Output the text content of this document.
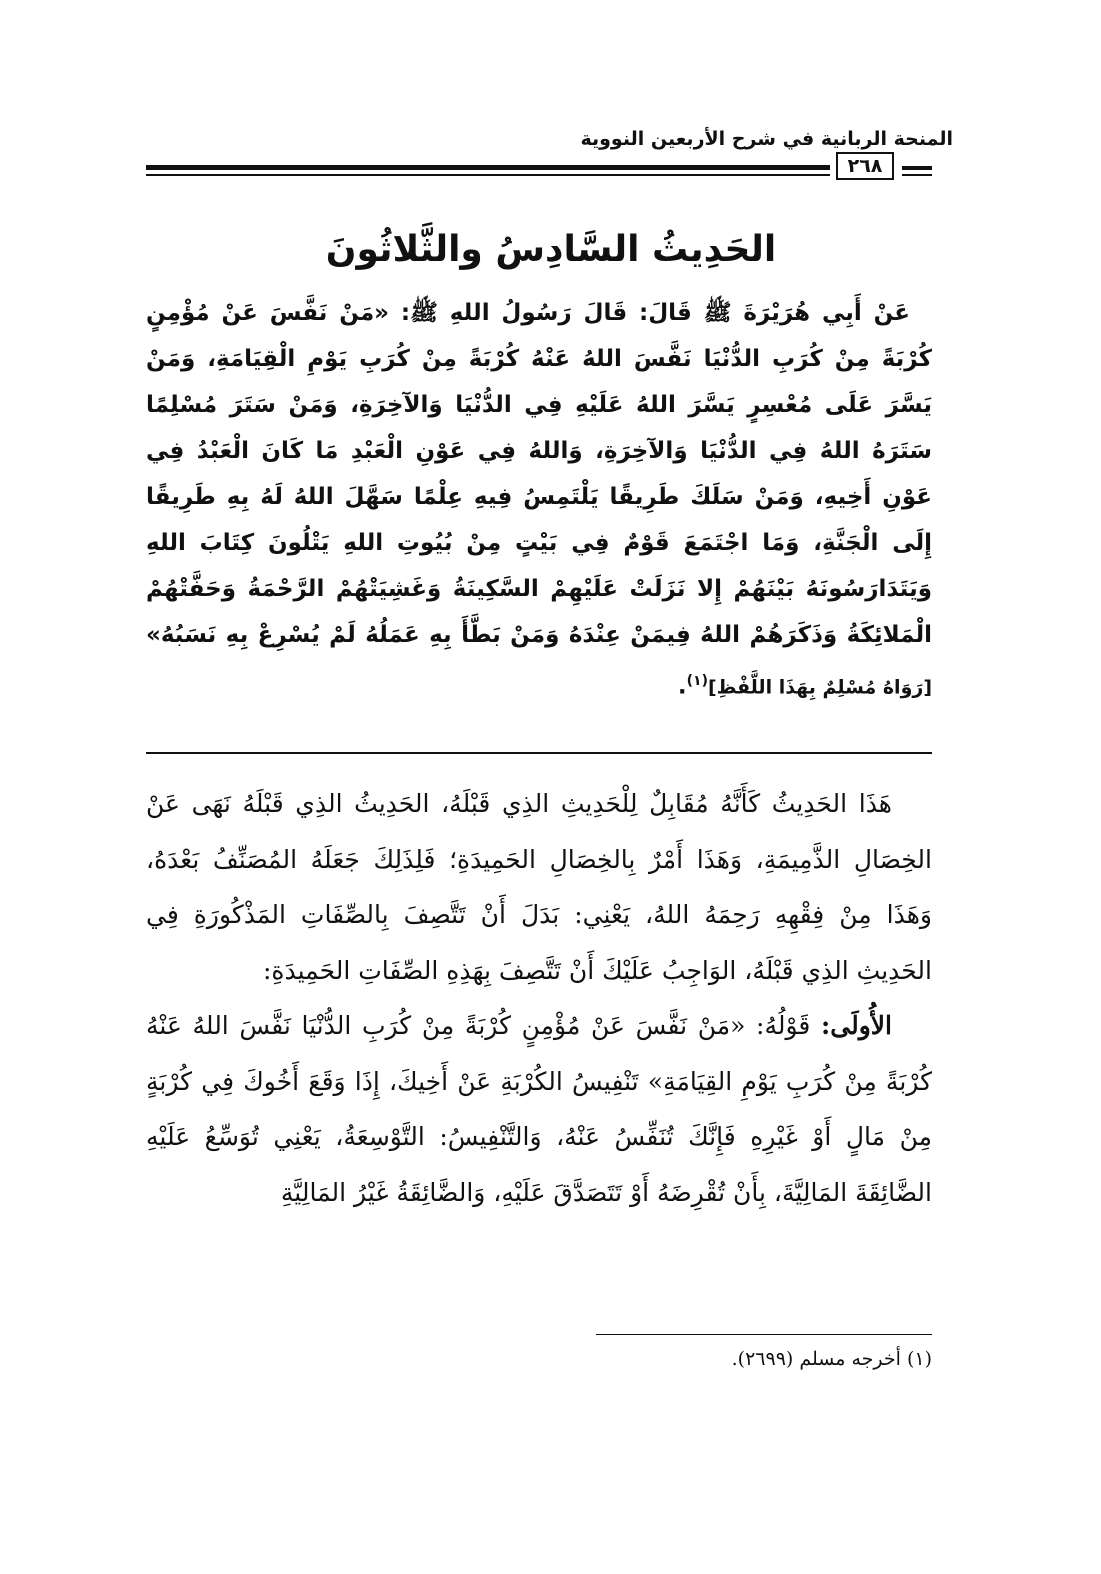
المنحة الربانية في شرح الأربعين النووية
٢٦٨
الحَدِيثُ السَّادِسُ والثَّلاثُونَ
عَنْ أَبِي هُرَيْرَةَ ﷺ قَالَ: قَالَ رَسُولُ اللهِ ﷺ: «مَنْ نَفَّسَ عَنْ مُؤْمِنٍ كُرْبَةً مِنْ كُرَبِ الدُّنْيَا نَفَّسَ اللهُ عَنْهُ كُرْبَةً مِنْ كُرَبِ يَوْمِ الْقِيَامَةِ، وَمَنْ يَسَّرَ عَلَى مُعْسِرٍ يَسَّرَ اللهُ عَلَيْهِ فِي الدُّنْيَا وَالآخِرَةِ، وَمَنْ سَتَرَ مُسْلِمًا سَتَرَهُ اللهُ فِي الدُّنْيَا وَالآخِرَةِ، وَاللهُ فِي عَوْنِ الْعَبْدِ مَا كَانَ الْعَبْدُ فِي عَوْنِ أَخِيهِ، وَمَنْ سَلَكَ طَرِيقًا يَلْتَمِسُ فِيهِ عِلْمًا سَهَّلَ اللهُ لَهُ بِهِ طَرِيقًا إِلَى الْجَنَّةِ، وَمَا اجْتَمَعَ قَوْمٌ فِي بَيْتٍ مِنْ بُيُوتِ اللهِ يَتْلُونَ كِتَابَ اللهِ وَيَتَدَارَسُونَهُ بَيْنَهُمْ إِلا نَزَلَتْ عَلَيْهِمْ السَّكِينَةُ وَغَشِيَتْهُمْ الرَّحْمَةُ وَحَفَّتْهُمْ الْمَلائِكَةُ وَذَكَرَهُمْ اللهُ فِيمَنْ عِنْدَهُ وَمَنْ بَطَّأَ بِهِ عَمَلُهُ لَمْ يُسْرِعْ بِهِ نَسَبُهُ» [رَوَاهُ مُسْلِمٌ بِهَذَا اللَّفْظِ]$^{(١)}$.

هَذَا الحَدِيثُ كَأَنَّهُ مُقَابِلٌ لِلْحَدِيثِ الذِي قَبْلَهُ، الحَدِيثُ الذِي قَبْلَهُ نَهَى عَنْ الخِصَالِ الذَّمِيمَةِ، وَهَذَا أَمْرٌ بِالخِصَالِ الحَمِيدَةِ؛ فَلِذَلِكَ جَعَلَهُ المُصَنِّفُ بَعْدَهُ، وَهَذَا مِنْ فِقْهِهِ رَحِمَهُ اللهُ، يَعْنِي: بَدَلَ أَنْ تَتَّصِفَ بِالصِّفَاتِ المَذْكُورَةِ فِي الحَدِيثِ الذِي قَبْلَهُ، الوَاجِبُ عَلَيْكَ أَنْ تَتَّصِفَ بِهَذِهِ الصِّفَاتِ الحَمِيدَةِ:

الأُولَى: قَوْلُهُ: «مَنْ نَفَّسَ عَنْ مُؤْمِنٍ كُرْبَةً مِنْ كُرَبِ الدُّنْيَا نَفَّسَ اللهُ عَنْهُ كُرْبَةً مِنْ كُرَبِ يَوْمِ القِيَامَةِ» تَنْفِيسُ الكُرْبَةِ عَنْ أَخِيكَ، إِذَا وَقَعَ أَخُوكَ فِي كُرْبَةٍ مِنْ مَالٍ أَوْ غَيْرِهِ فَإِنَّكَ تُنَفِّسُ عَنْهُ، وَالتَّنْفِيسُ: التَّوْسِعَةُ، يَعْنِي تُوَسِّعُ عَلَيْهِ الضَّائِقَةَ المَالِيَّةَ، بِأَنْ تُقْرِضَهُ أَوْ تَتَصَدَّقَ عَلَيْهِ، وَالضَّائِقَةُ غَيْرُ المَالِيَّةِ

(١) أخرجه مسلم (٢٦٩٩).
